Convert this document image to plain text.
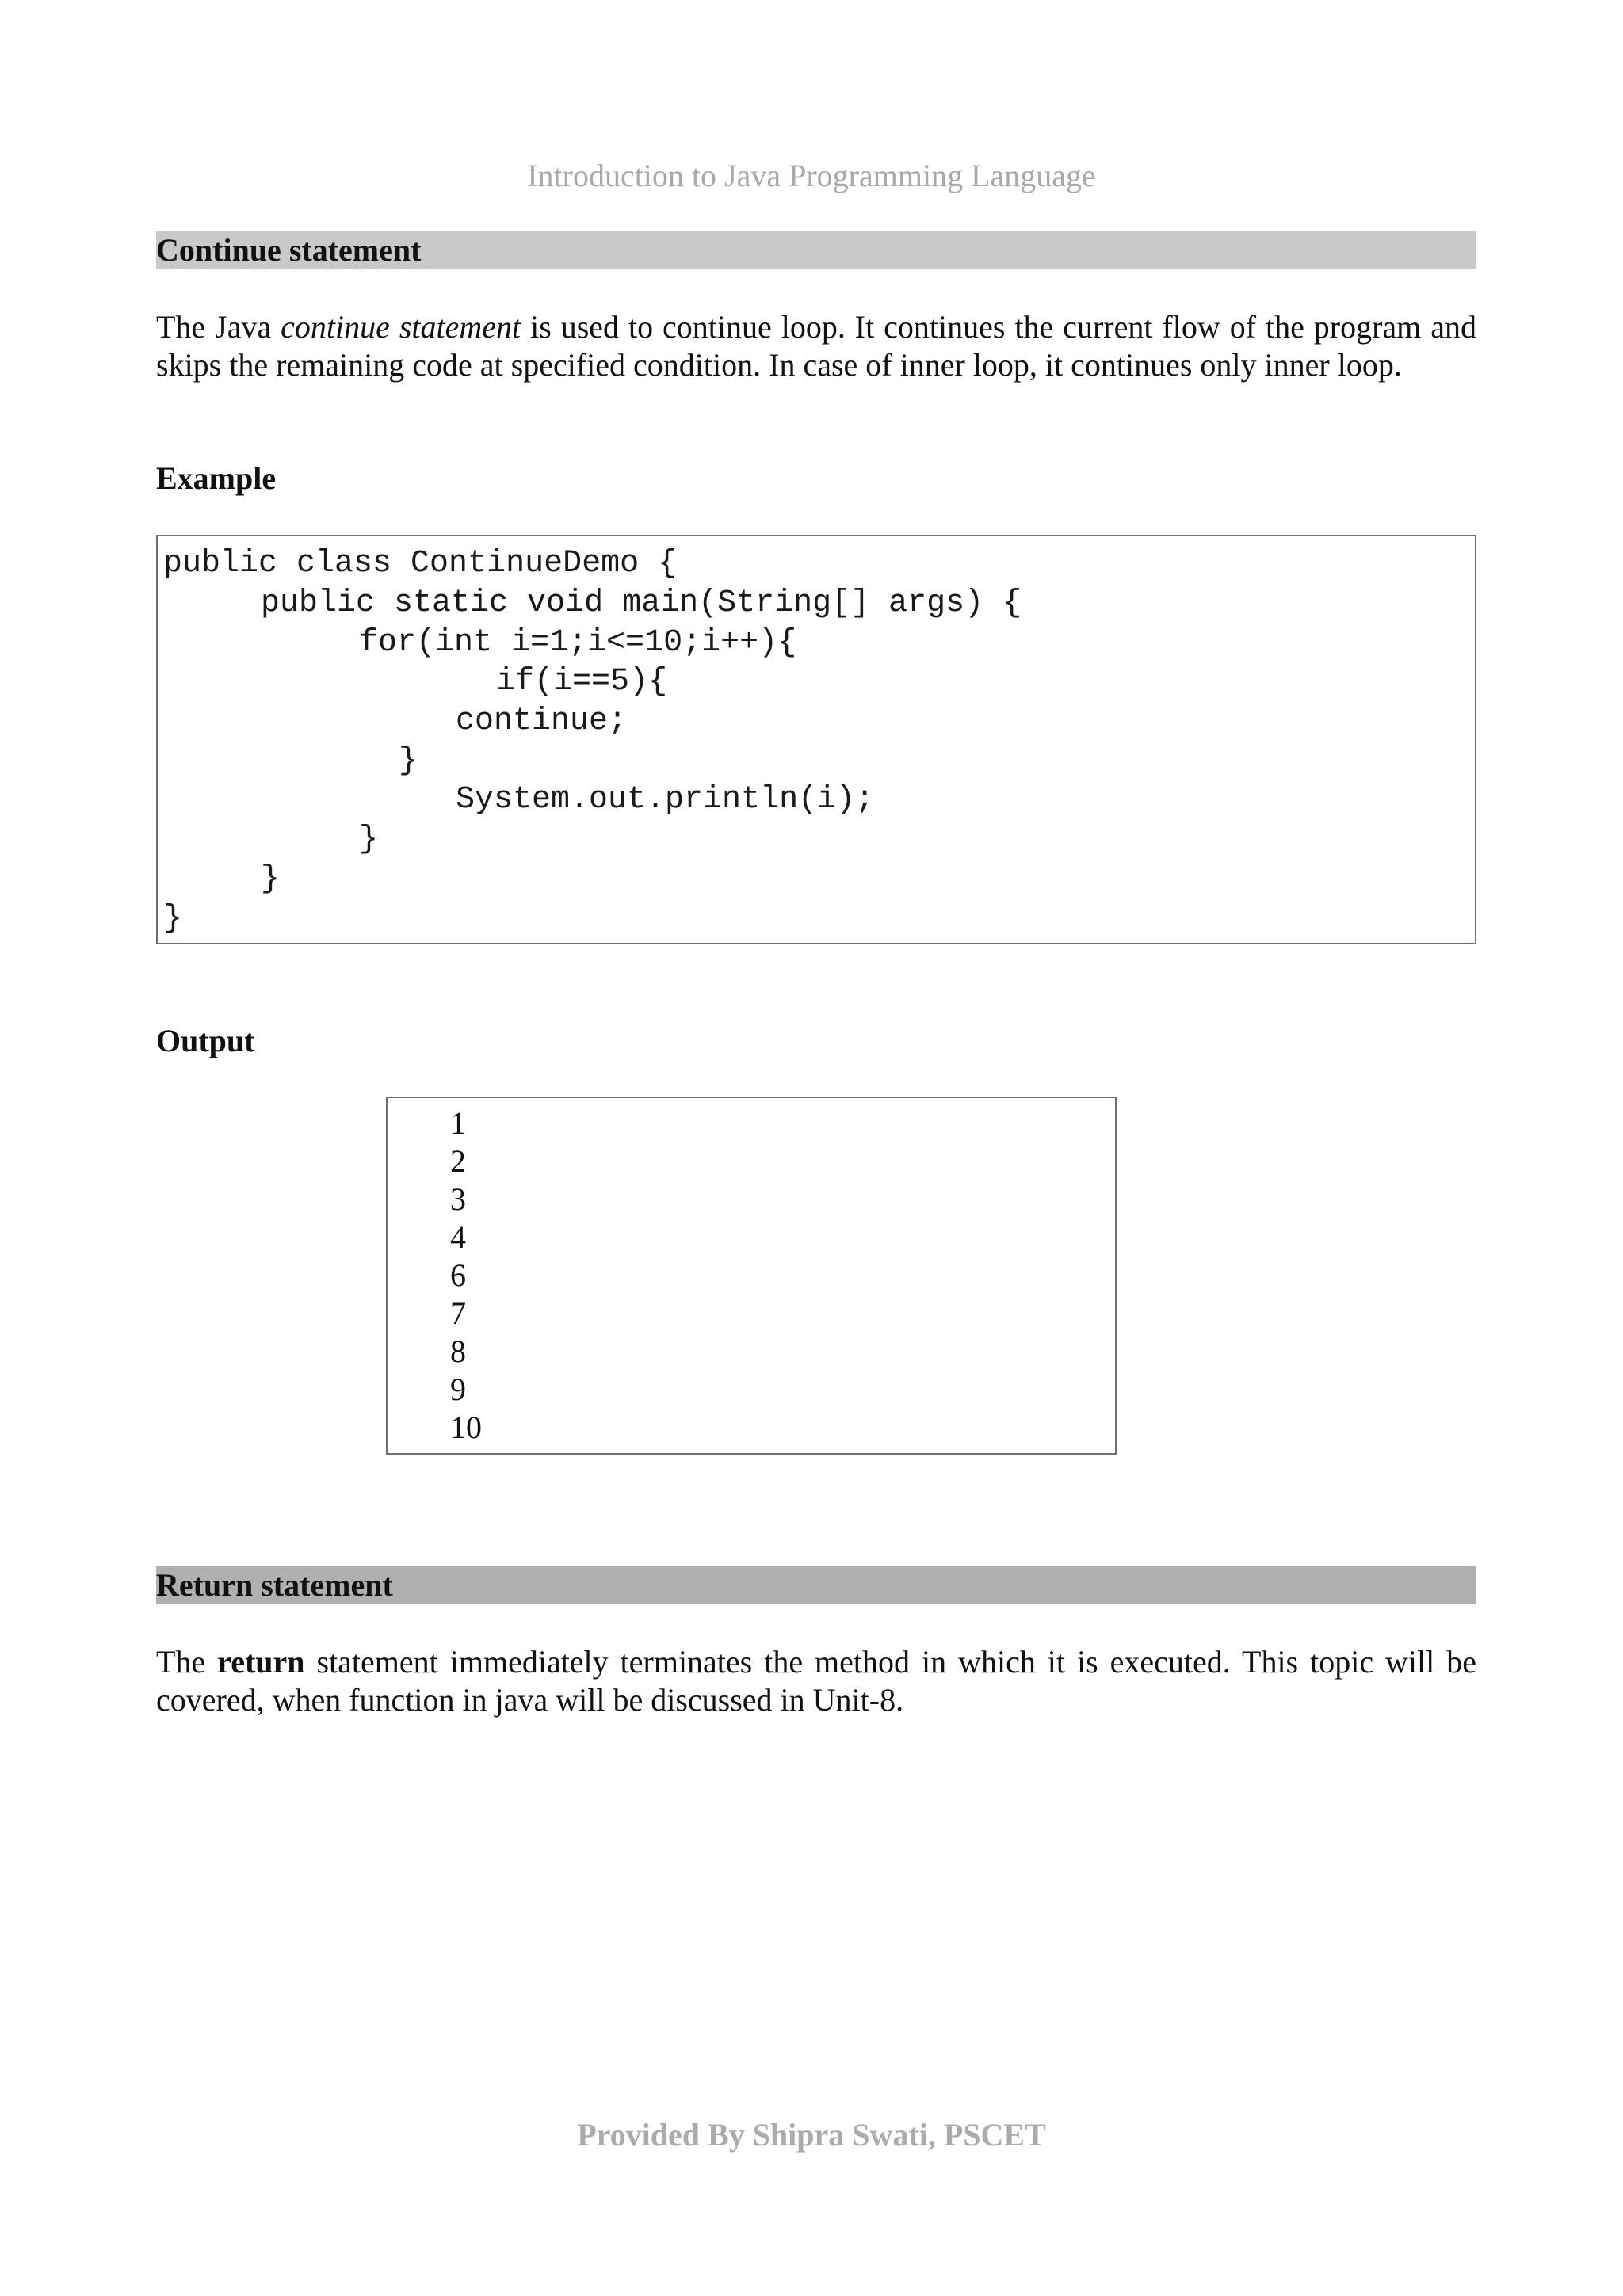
Introduction to Java Programming Language
Continue statement

The Java continue statement is used to continue loop. It continues the current flow of the program and skips the remaining code at specified condition. In case of inner loop, it continues only inner loop.

Example
public class ContinueDemo {
public static void main(String[] args) {
for(int i=1;i<=10;i++){
if(i==5){
continue;
}
System.out.println(i);
}
}
}
Output
1
2
3
4
6
7
8
9
10
Return statement

The return statement immediately terminates the method in which it is executed. This topic will be covered, when function in java will be discussed in Unit-8.

Provided By Shipra Swati, PSCET
